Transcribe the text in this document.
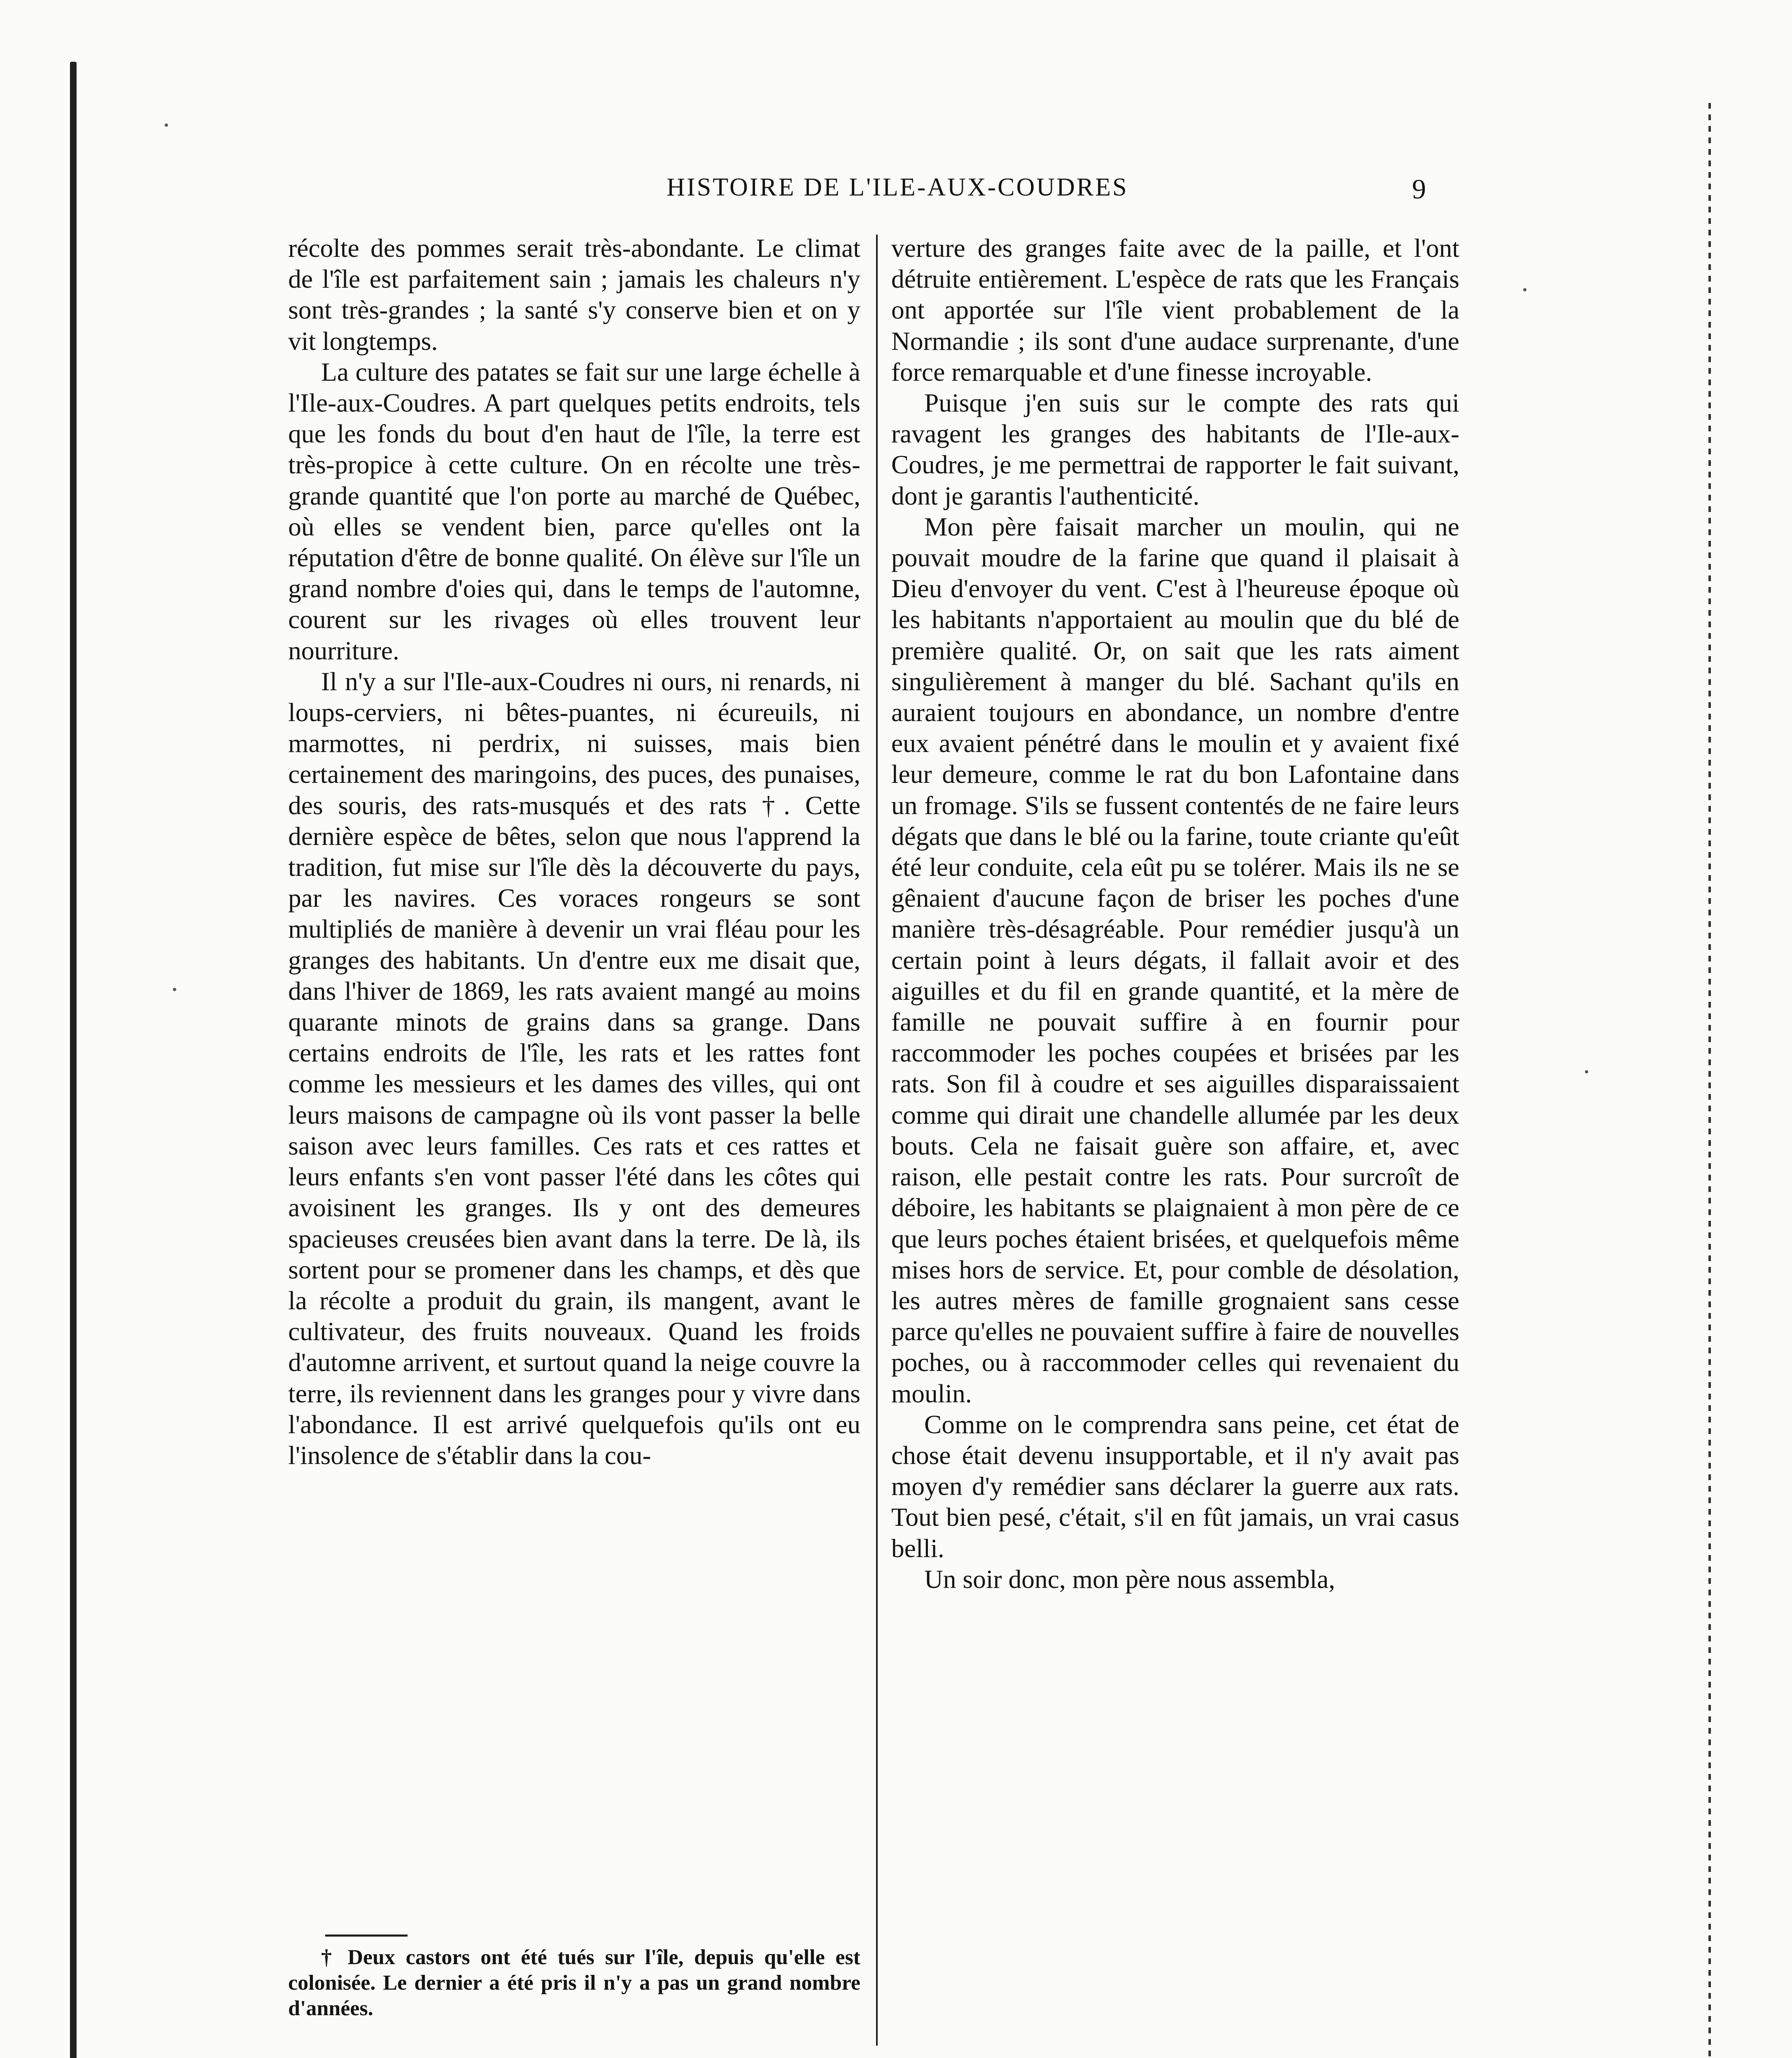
HISTOIRE DE L'ILE-AUX-COUDRES	9

récolte des pommes serait très-abondante. Le climat de l'île est parfaitement sain ; jamais les chaleurs n'y sont très-grandes ; la santé s'y conserve bien et on y vit longtemps.

La culture des patates se fait sur une large échelle à l'Ile-aux-Coudres. A part quelques petits endroits, tels que les fonds du bout d'en haut de l'île, la terre est très-propice à cette culture. On en récolte une très-grande quantité que l'on porte au marché de Québec, où elles se vendent bien, parce qu'elles ont la réputation d'être de bonne qualité. On élève sur l'île un grand nombre d'oies qui, dans le temps de l'automne, courent sur les rivages où elles trouvent leur nourriture.

Il n'y a sur l'Ile-aux-Coudres ni ours, ni renards, ni loups-cerviers, ni bêtes-puantes, ni écureuils, ni marmottes, ni perdrix, ni suisses, mais bien certainement des maringoins, des puces, des punaises, des souris, des rats-musqués et des rats †. Cette dernière espèce de bêtes, selon que nous l'apprend la tradition, fut mise sur l'île dès la découverte du pays, par les navires. Ces voraces rongeurs se sont multipliés de manière à devenir un vrai fléau pour les granges des habitants. Un d'entre eux me disait que, dans l'hiver de 1869, les rats avaient mangé au moins quarante minots de grains dans sa grange. Dans certains endroits de l'île, les rats et les rattes font comme les messieurs et les dames des villes, qui ont leurs maisons de campagne où ils vont passer la belle saison avec leurs familles. Ces rats et ces rattes et leurs enfants s'en vont passer l'été dans les côtes qui avoisinent les granges. Ils y ont des demeures spacieuses creusées bien avant dans la terre. De là, ils sortent pour se promener dans les champs, et dès que la récolte a produit du grain, ils mangent, avant le cultivateur, des fruits nouveaux. Quand les froids d'automne arrivent, et surtout quand la neige couvre la terre, ils reviennent dans les granges pour y vivre dans l'abondance. Il est arrivé quelquefois qu'ils ont eu l'insolence de s'établir dans la cou-

verture des granges faite avec de la paille, et l'ont détruite entièrement. L'espèce de rats que les Français ont apportée sur l'île vient probablement de la Normandie ; ils sont d'une audace surprenante, d'une force remarquable et d'une finesse incroyable.

Puisque j'en suis sur le compte des rats qui ravagent les granges des habitants de l'Ile-aux-Coudres, je me permettrai de rapporter le fait suivant, dont je garantis l'authenticité.

Mon père faisait marcher un moulin, qui ne pouvait moudre de la farine que quand il plaisait à Dieu d'envoyer du vent. C'est à l'heureuse époque où les habitants n'apportaient au moulin que du blé de première qualité. Or, on sait que les rats aiment singulièrement à manger du blé. Sachant qu'ils en auraient toujours en abondance, un nombre d'entre eux avaient pénétré dans le moulin et y avaient fixé leur demeure, comme le rat du bon Lafontaine dans un fromage. S'ils se fussent contentés de ne faire leurs dégats que dans le blé ou la farine, toute criante qu'eût été leur conduite, cela eût pu se tolérer. Mais ils ne se gênaient d'aucune façon de briser les poches d'une manière très-désagréable. Pour remédier jusqu'à un certain point à leurs dégats, il fallait avoir et des aiguilles et du fil en grande quantité, et la mère de famille ne pouvait suffire à en fournir pour raccommoder les poches coupées et brisées par les rats. Son fil à coudre et ses aiguilles disparaissaient comme qui dirait une chandelle allumée par les deux bouts. Cela ne faisait guère son affaire, et, avec raison, elle pestait contre les rats. Pour surcroît de déboire, les habitants se plaignaient à mon père de ce que leurs poches étaient brisées, et quelquefois même mises hors de service. Et, pour comble de désolation, les autres mères de famille grognaient sans cesse parce qu'elles ne pouvaient suffire à faire de nouvelles poches, ou à raccommoder celles qui revenaient du moulin.

Comme on le comprendra sans peine, cet état de chose était devenu insupportable, et il n'y avait pas moyen d'y remédier sans déclarer la guerre aux rats. Tout bien pesé, c'était, s'il en fût jamais, un vrai casus belli.

Un soir donc, mon père nous assembla,

† Deux castors ont été tués sur l'île, depuis qu'elle est colonisée. Le dernier a été pris il n'y a pas un grand nombre d'années.
